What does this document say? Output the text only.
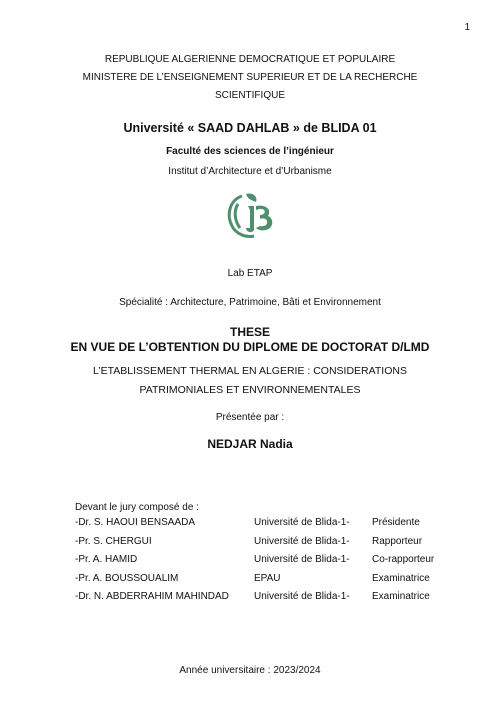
1
REPUBLIQUE ALGERIENNE DEMOCRATIQUE ET POPULAIRE
MINISTERE DE L’ENSEIGNEMENT SUPERIEUR ET DE LA RECHERCHE
SCIENTIFIQUE
Université « SAAD DAHLAB » de BLIDA 01
Faculté des sciences de l’ingénieur
Institut d’Architecture et d’Urbanisme
Lab ETAP
Spécialité : Architecture, Patrimoine, Bâti et Environnement
THESE
EN VUE DE L’OBTENTION DU DIPLOME DE DOCTORAT D/LMD
L’ETABLISSEMENT THERMAL EN ALGERIE : CONSIDERATIONS
PATRIMONIALES ET ENVIRONNEMENTALES
Présentée par :
NEDJAR Nadia
Devant le jury composé de :
-Dr. S. HAOUI BENSAADA	Université de Blida-1- Présidente
-Pr. S. CHERGUI	Université de Blida-1- Rapporteur
-Pr. A. HAMID	Université de Blida-1- Co-rapporteur
-Pr. A. BOUSSOUALIM	EPAU	Examinatrice
-Dr. N. ABDERRAHIM MAHINDAD	Université de Blida-1- Examinatrice
Année universitaire : 2023/2024
